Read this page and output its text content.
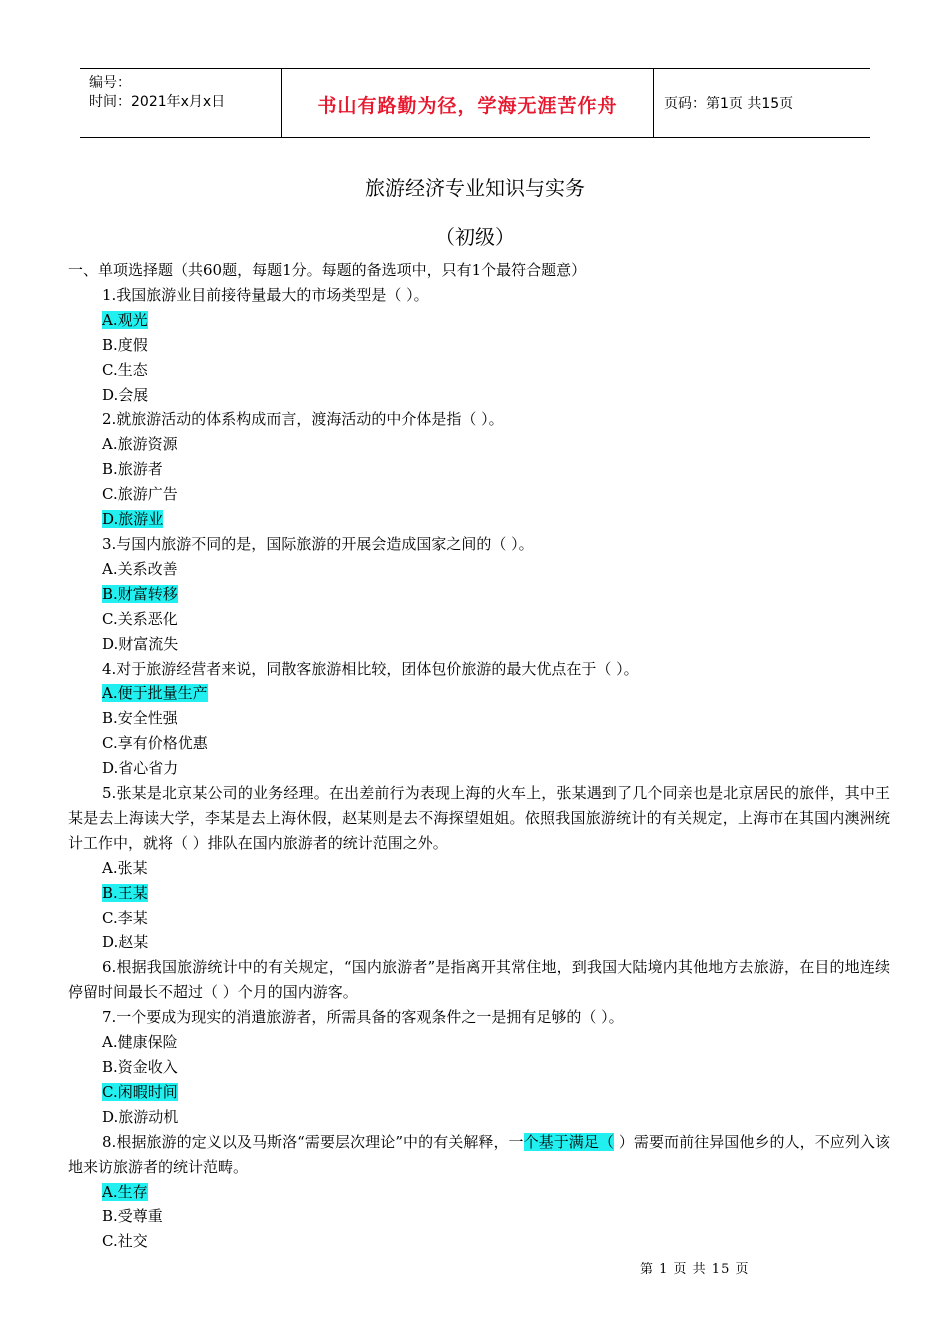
编号：
时间：2021年x月x日	书山有路勤为径，学海无涯苦作舟	页码：第1页 共15页
旅游经济专业知识与实务
（初级）

一、单项选择题（共60题，每题1分。每题的备选项中，只有1个最符合题意）

1.我国旅游业目前接待量最大的市场类型是（ ）。

A.观光

B.度假

C.生态

D.会展

2.就旅游活动的体系构成而言，渡海活动的中介体是指（ ）。

A.旅游资源

B.旅游者

C.旅游广告

D.旅游业

3.与国内旅游不同的是，国际旅游的开展会造成国家之间的（ ）。

A.关系改善

B.财富转移

C.关系恶化

D.财富流失

4.对于旅游经营者来说，同散客旅游相比较，团体包价旅游的最大优点在于（ ）。

A.便于批量生产

B.安全性强

C.享有价格优惠

D.省心省力

5.张某是北京某公司的业务经理。在出差前行为表现上海的火车上，张某遇到了几个同亲也是北京居民的旅伴，其中王某是去上海读大学，李某是去上海休假，赵某则是去不海探望姐姐。依照我国旅游统计的有关规定，上海市在其国内澳洲统计工作中，就将（ ）排队在国内旅游者的统计范围之外。

A.张某

B.王某

C.李某

D.赵某

6.根据我国旅游统计中的有关规定，“国内旅游者”是指离开其常住地，到我国大陆境内其他地方去旅游，在目的地连续停留时间最长不超过（ ）个月的国内游客。

7.一个要成为现实的消遣旅游者，所需具备的客观条件之一是拥有足够的（ ）。

A.健康保险

B.资金收入

C.闲暇时间

D.旅游动机

8.根据旅游的定义以及马斯洛“需要层次理论”中的有关解释，一个基于满足（ ）需要而前往异国他乡的人，不应列入该地来访旅游者的统计范畴。

A.生存

B.受尊重

C.社交

第 1 页 共 15 页
